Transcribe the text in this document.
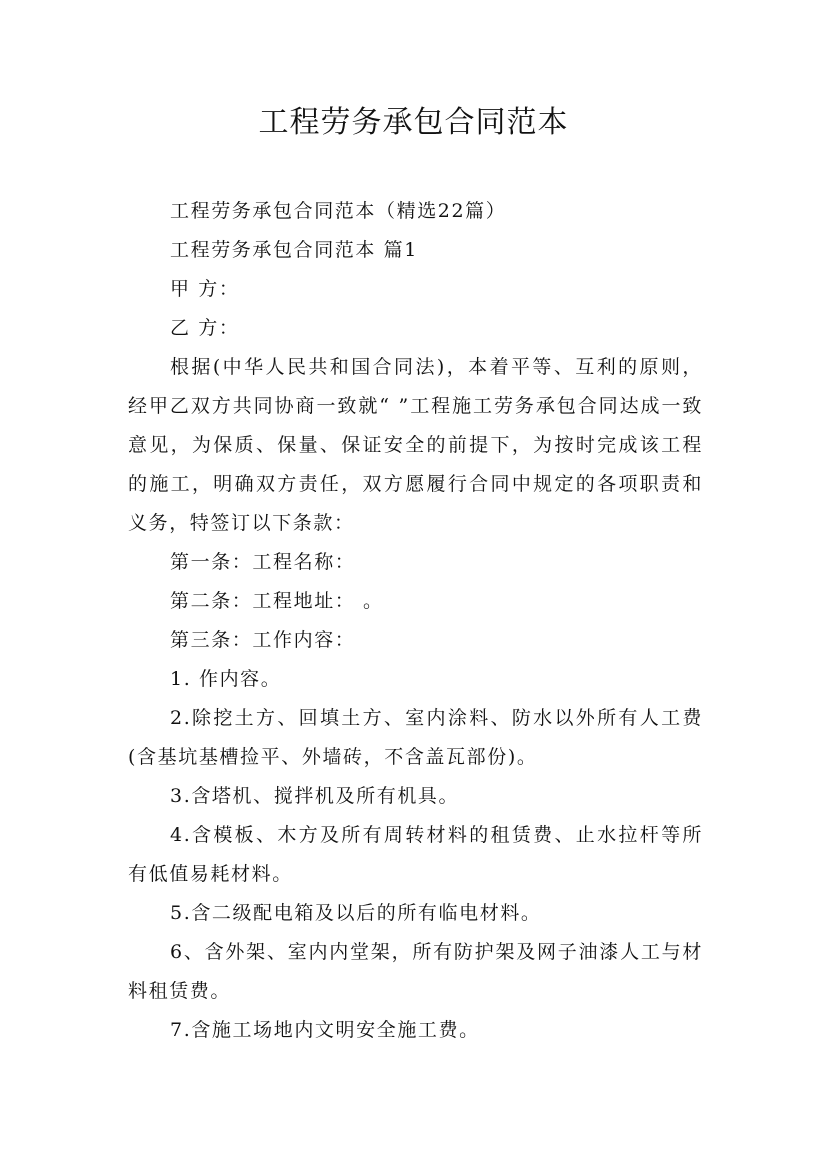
工程劳务承包合同范本

工程劳务承包合同范本（精选22篇）

工程劳务承包合同范本 篇1

甲 方：

乙 方：

根据(中华人民共和国合同法)，本着平等、互利的原则，经甲乙双方共同协商一致就“ ”工程施工劳务承包合同达成一致意见，为保质、保量、保证安全的前提下，为按时完成该工程的施工，明确双方责任，双方愿履行合同中规定的各项职责和义务，特签订以下条款：

第一条：工程名称：

第二条：工程地址： 。

第三条：工作内容：

1. 作内容。

2.除挖土方、回填土方、室内涂料、防水以外所有人工费(含基坑基槽捡平、外墙砖，不含盖瓦部份)。

3.含塔机、搅拌机及所有机具。

4.含模板、木方及所有周转材料的租赁费、止水拉杆等所有低值易耗材料。

5.含二级配电箱及以后的所有临电材料。

6、含外架、室内内堂架，所有防护架及网子油漆人工与材料租赁费。

7.含施工场地内文明安全施工费。
